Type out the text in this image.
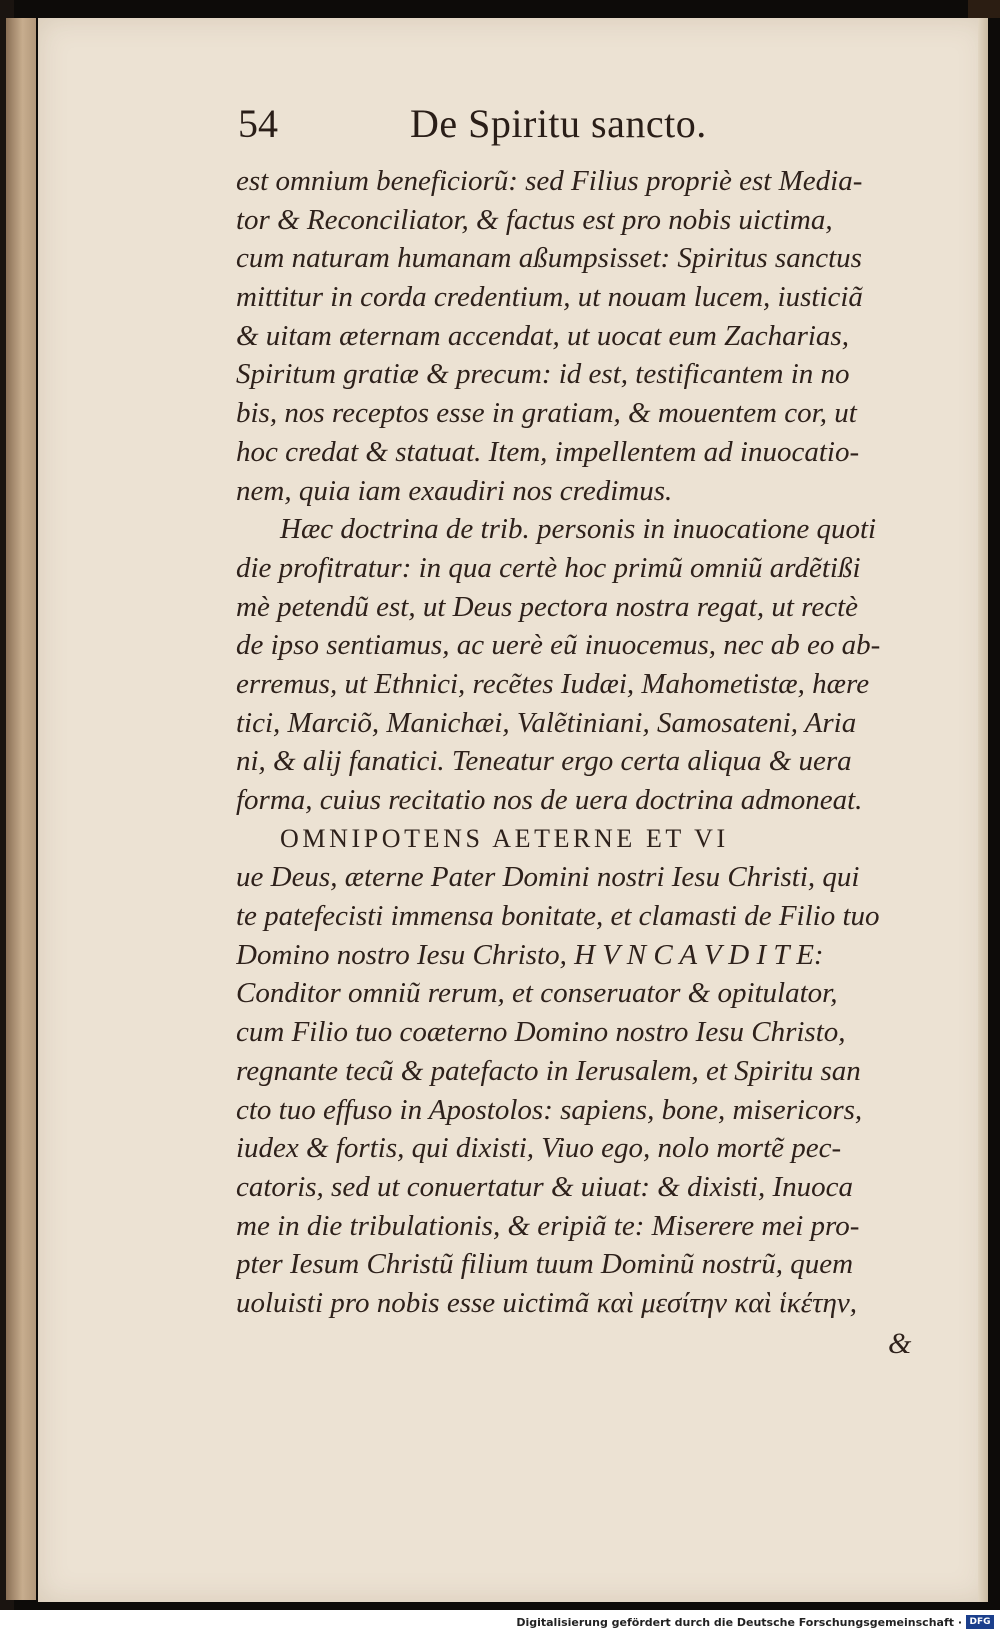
54	De Spiritu sancto.
est omnium beneficiorũ: sed Filius propriè est Media-
tor & Reconciliator, & factus est pro nobis uictima,
cum naturam humanam aßumpsisset: Spiritus sanctus
mittitur in corda credentium, ut nouam lucem, iusticiã
& uitam æternam accendat, ut uocat eum Zacharias,
Spiritum gratiæ & precum: id est, testificantem in no
bis, nos receptos esse in gratiam, & mouentem cor, ut
hoc credat & statuat. Item, impellentem ad inuocatio-
nem, quia iam exaudiri nos credimus.
Hæc doctrina de trib. personis in inuocatione quoti
die profitratur: in qua certè hoc primũ omniũ ardẽtißi
mè petendũ est, ut Deus pectora nostra regat, ut rectè
de ipso sentiamus, ac uerè eũ inuocemus, nec ab eo ab-
erremus, ut Ethnici, recẽtes Iudæi, Mahometistæ, hære
tici, Marciõ, Manichæi, Valẽtiniani, Samosateni, Aria
ni, & alij fanatici. Teneatur ergo certa aliqua & uera
forma, cuius recitatio nos de uera doctrina admoneat.
OMNIPOTENS AETERNE ET VI
ue Deus, æterne Pater Domini nostri Iesu Christi, qui
te patefecisti immensa bonitate, et clamasti de Filio tuo
Domino nostro Iesu Christo, H V N C A V D I T E:
Conditor omniũ rerum, et conseruator & opitulator,
cum Filio tuo coæterno Domino nostro Iesu Christo,
regnante tecũ & patefacto in Ierusalem, et Spiritu san
cto tuo effuso in Apostolos: sapiens, bone, misericors,
iudex & fortis, qui dixisti, Viuo ego, nolo mortẽ pec-
catoris, sed ut conuertatur & uiuat: & dixisti, Inuoca
me in die tribulationis, & eripiã te: Miserere mei pro-
pter Iesum Christũ filium tuum Dominũ nostrũ, quem
uoluisti pro nobis esse uictimã καὶ μεσίτην καὶ ἱκέτην,
&
Digitalisierung gefördert durch die Deutsche Forschungsgemeinschaft · DFG
